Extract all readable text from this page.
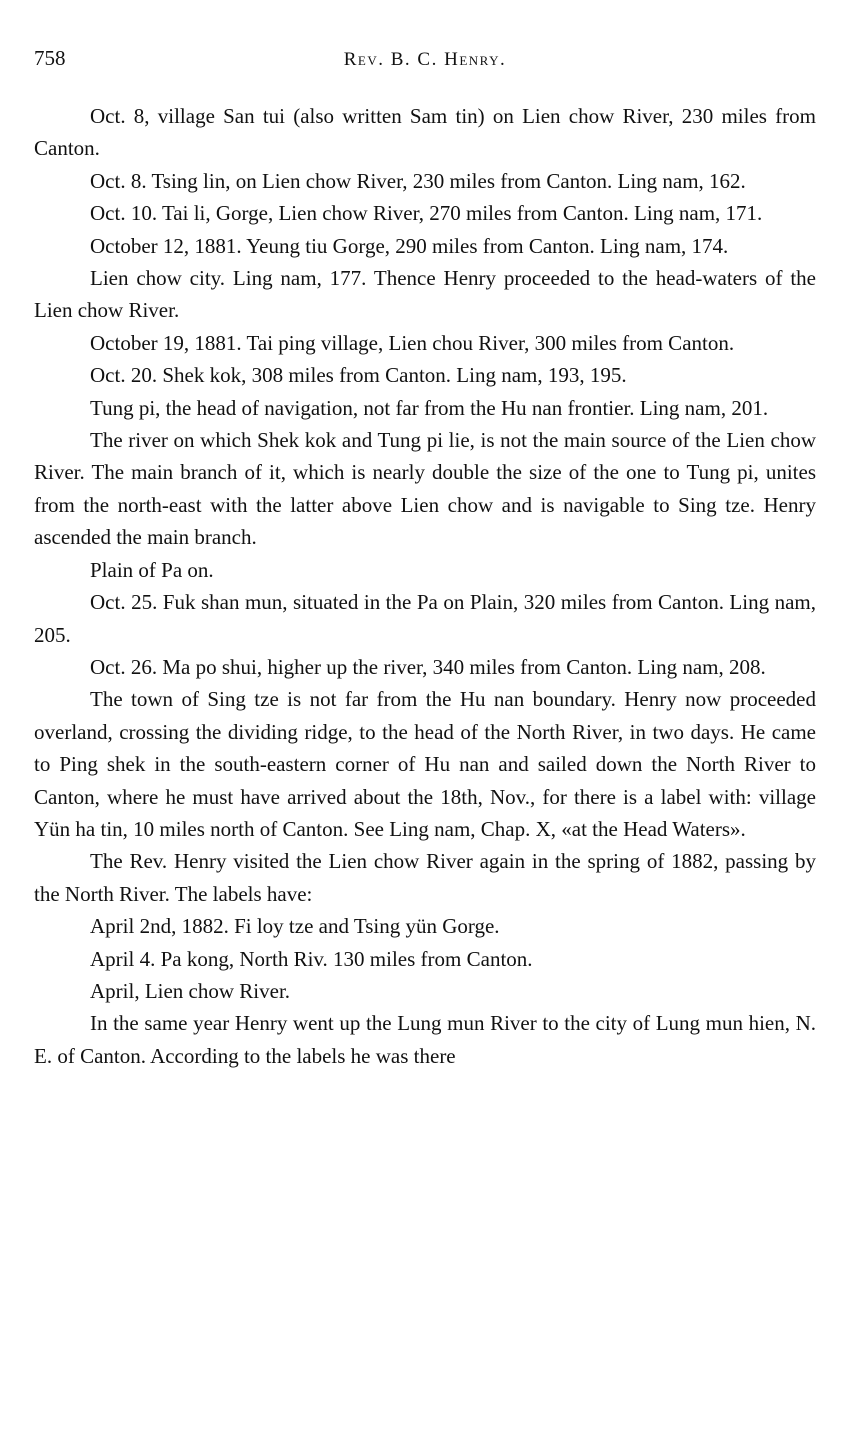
758	Rev. B. C. Henry.

Oct. 8, village San tui (also written Sam tin) on Lien chow River, 230 miles from Canton.

Oct. 8. Tsing lin, on Lien chow River, 230 miles from Canton. Ling nam, 162.

Oct. 10. Tai li, Gorge, Lien chow River, 270 miles from Canton. Ling nam, 171.

October 12, 1881. Yeung tiu Gorge, 290 miles from Canton. Ling nam, 174.

Lien chow city. Ling nam, 177. Thence Henry proceeded to the head-waters of the Lien chow River.

October 19, 1881. Tai ping village, Lien chou River, 300 miles from Canton.

Oct. 20. Shek kok, 308 miles from Canton. Ling nam, 193, 195.

Tung pi, the head of navigation, not far from the Hu nan frontier. Ling nam, 201.

The river on which Shek kok and Tung pi lie, is not the main source of the Lien chow River. The main branch of it, which is nearly double the size of the one to Tung pi, unites from the north-east with the latter above Lien chow and is navigable to Sing tze. Henry ascended the main branch.

Plain of Pa on.

Oct. 25. Fuk shan mun, situated in the Pa on Plain, 320 miles from Canton. Ling nam, 205.

Oct. 26. Ma po shui, higher up the river, 340 miles from Canton. Ling nam, 208.

The town of Sing tze is not far from the Hu nan boundary. Henry now proceeded overland, crossing the dividing ridge, to the head of the North River, in two days. He came to Ping shek in the south-eastern corner of Hu nan and sailed down the North River to Canton, where he must have arrived about the 18th, Nov., for there is a label with: village Yün ha tin, 10 miles north of Canton. See Ling nam, Chap. X, «at the Head Waters».

The Rev. Henry visited the Lien chow River again in the spring of 1882, passing by the North River. The labels have:

April 2nd, 1882. Fi loy tze and Tsing yün Gorge.

April 4. Pa kong, North Riv. 130 miles from Canton.

April, Lien chow River.

In the same year Henry went up the Lung mun River to the city of Lung mun hien, N. E. of Canton. According to the labels he was there
